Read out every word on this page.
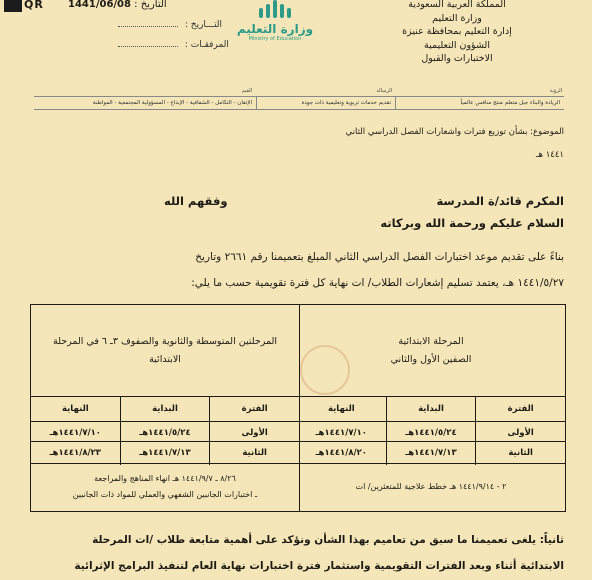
QR	التاريخ : 1441/06/08
التـــاريخ :
المرفقـات :
وزارة التعليم
Ministry of Education
المملكة العربية السعودية
وزارة التعليم
إدارة التعليم بمحافظة عنيزة
الشؤون التعليمية
الاختبارات والقبول
الرؤية
الرسالة
القيم
الريادة والبناء جيل متعلم منتج منافس عالمياً
تقديم خدمات تربوية وتعليمية ذات جودة
الإتقان - التكامل - الشفافية - الإبداع - المسؤولية المجتمعية - المواطنة
الموضوع: بشأن توزيع فترات واشعارات الفصل الدراسي الثاني
١٤٤١ هـ
المكرم قائد/ة المدرسة
وفقهم الله
السلام عليكم ورحمة الله وبركاته
بناءً على تقديم موعد اختبارات الفصل الدراسي الثاني المبلغ بتعميمنا رقم ٢٦٦١ وتاريخ
١٤٤١/٥/٢٧ هـ، يعتمد تسليم إشعارات الطلاب/ ات نهاية كل فترة تقويمية حسب ما يلي:
المرحلة الابتدائية
الصفين الأول والثاني
المرحلتين المتوسطة والثانوية والصفوف ٣ـ ٦ في المرحلة الابتدائية
الفترة
البداية
النهاية
الفترة
البداية
النهاية
الأولى
١٤٤١/٥/٢٤هـ
١٤٤١/٧/١٠هـ
الأولى
١٤٤١/٥/٢٤هـ
١٤٤١/٧/١٠هـ
الثانية
١٤٤١/٧/١٣هـ
١٤٤١/٨/٢٠هـ
الثانية
١٤٤١/٧/١٣هـ
١٤٤١/٨/٢٣هـ
٢ - ١٤٤١/٩/١٤ هـ خطط علاجية للمتعثرين/ ات
٨/٢٦ ـ ١٤٤١/٩/٧ هـ انهاء المناهج والمراجعة
ـ اختبارات الجانبين الشفهي والعملي للمواد ذات الجانبين
ثانياً: يلغى تعميمنا ما سبق من تعاميم بهذا الشأن ونؤكد على أهمية متابعة طلاب /ات المرحلة
الابتدائية أثناء وبعد الفترات التقويمية واستثمار فترة اختبارات نهاية العام لتنفيذ البرامج الإثرائية
